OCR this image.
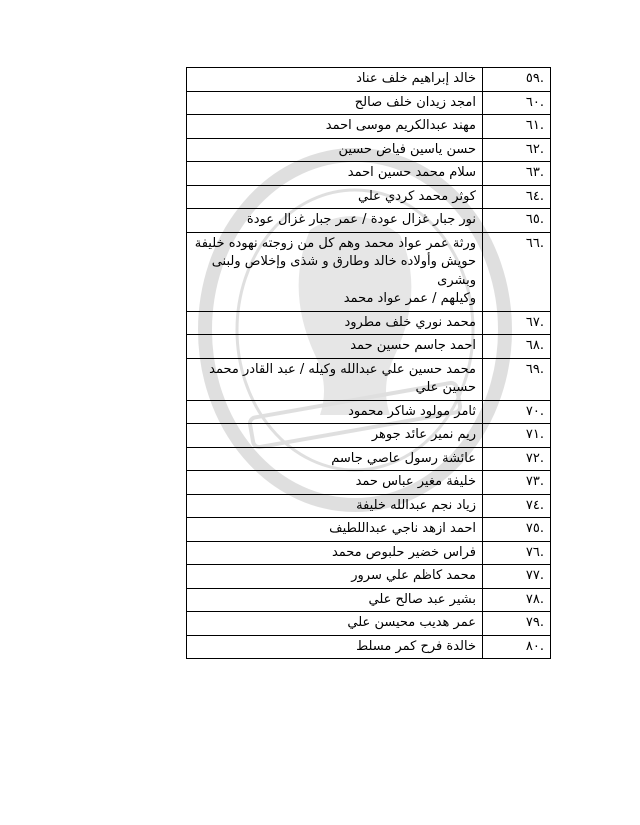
.٥٩	خالد إبراهيم خلف عناد
.٦٠	امجد زيدان خلف صالح
.٦١	مهند عبدالكريم موسى احمد
.٦٢	حسن ياسين فياض حسين
.٦٣	سلام محمد حسين احمد
.٦٤	كوثر محمد كردي علي
.٦٥	نور جبار غزال عودة / عمر جبار غزال عودة
.٦٦	ورثة عمر عواد محمد وهم كل من زوجته نهوده خليفة حويش وأولاده خالد وطارق و شذى وإخلاص ولبنى وبشرى
وكيلهم / عمر عواد محمد
.٦٧	محمد نوري خلف مطرود
.٦٨	احمد جاسم حسين حمد
.٦٩	محمد حسين علي عبدالله وكيله / عبد القادر محمد حسين علي
.٧٠	ثامر مولود شاكر محمود
.٧١	ريم نمير عائد جوهر
.٧٢	عائشة رسول عاصي جاسم
.٧٣	خليفة مغير عباس حمد
.٧٤	زياد نجم عبدالله خليفة
.٧٥	احمد ازهد ناجي عبداللطيف
.٧٦	فراس خضير حلبوص محمد
.٧٧	محمد كاظم علي سرور
.٧٨	بشير عبد صالح علي
.٧٩	عمر هديب محيسن علي
.٨٠	خالدة فرح كمر مسلط
